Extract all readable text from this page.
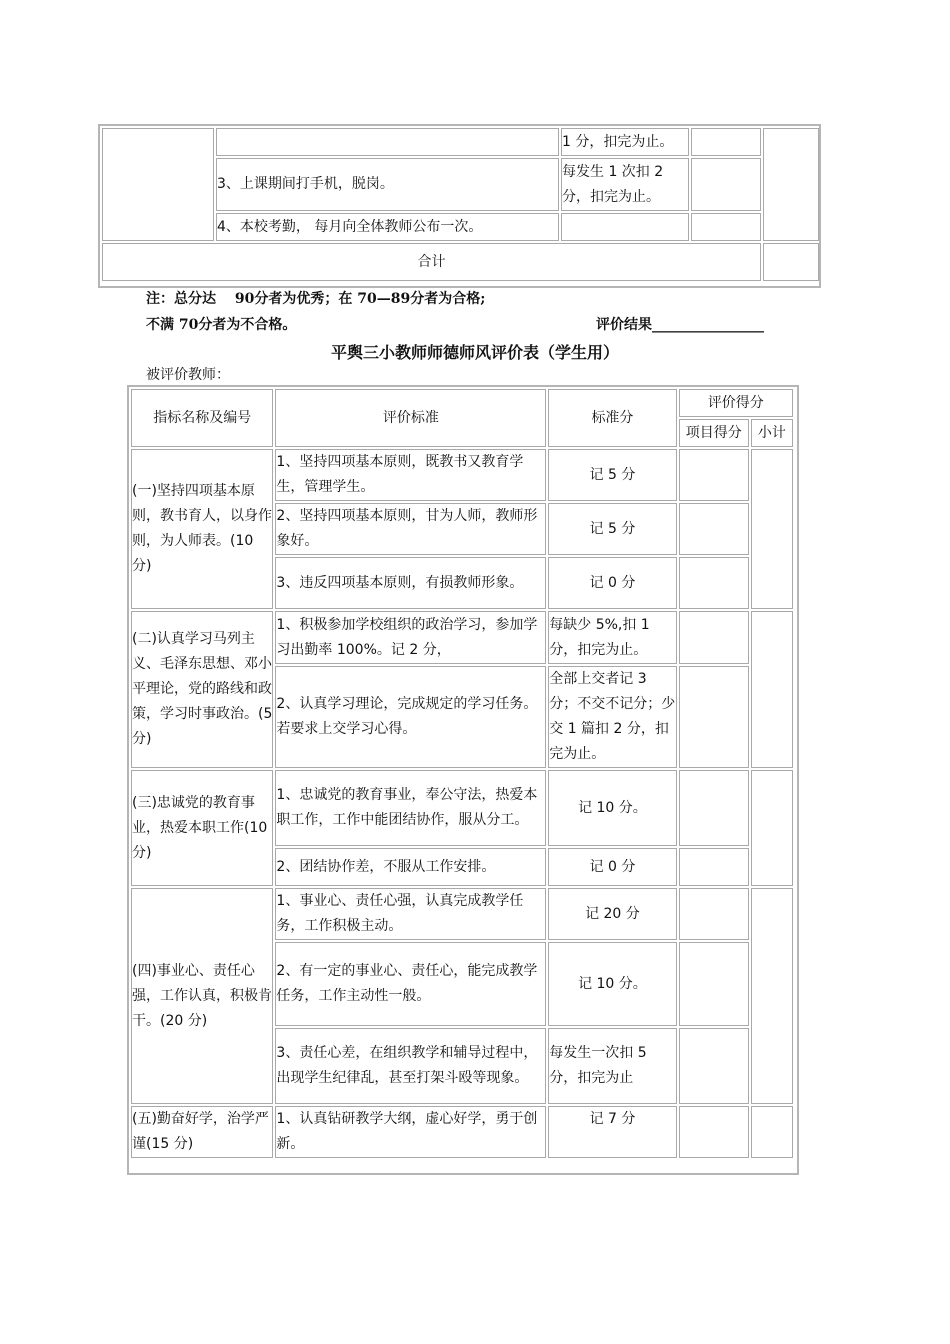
		1 分，扣完为止。		
	3、上课期间打手机，脱岗。	每发生 1 次扣 2 分，扣完为止。		
	4、本校考勤， 每月向全体教师公布一次。			
合计				
注：总分达　 90分者为优秀；在 70—89分者为合格;
不满 70分者为不合格。	评价结果________________
平舆三小教师师德师风评价表（学生用）
被评价教师：
指标名称及编号	评价标准	标准分	评价得分	
			项目得分	小计
(一)坚持四项基本原则，教书育人，以身作则，为人师表。(10 分)	1、坚持四项基本原则，既教书又教育学生，管理学生。	记 5 分		
	2、坚持四项基本原则，甘为人师，教师形象好。	记 5 分		
	3、违反四项基本原则，有损教师形象。	记 0 分		
(二)认真学习马列主义、毛泽东思想、邓小平理论，党的路线和政策，学习时事政治。(5 分)	1、积极参加学校组织的政治学习，参加学习出勤率 100%。记 2 分，	每缺少 5%,扣 1 分，扣完为止。		
	2、认真学习理论，完成规定的学习任务。若要求上交学习心得。	全部上交者记 3 分；不交不记分；少交 1 篇扣 2 分，扣完为止。		
(三)忠诚党的教育事业，热爱本职工作(10 分)	1、忠诚党的教育事业，奉公守法，热爱本职工作，工作中能团结协作，服从分工。	记 10 分。		
	2、团结协作差，不服从工作安排。	记 0 分		
(四)事业心、责任心强，工作认真，积极肯干。(20 分)	1、事业心、责任心强，认真完成教学任务，工作积极主动。	记 20 分		
	2、有一定的事业心、责任心，能完成教学任务，工作主动性一般。	记 10 分。		
	3、责任心差，在组织教学和辅导过程中，出现学生纪律乱，甚至打架斗殴等现象。	每发生一次扣 5 分，扣完为止		
(五)勤奋好学，治学严谨(15 分)	1、认真钻研教学大纲，虚心好学，勇于创新。	记 7 分		
